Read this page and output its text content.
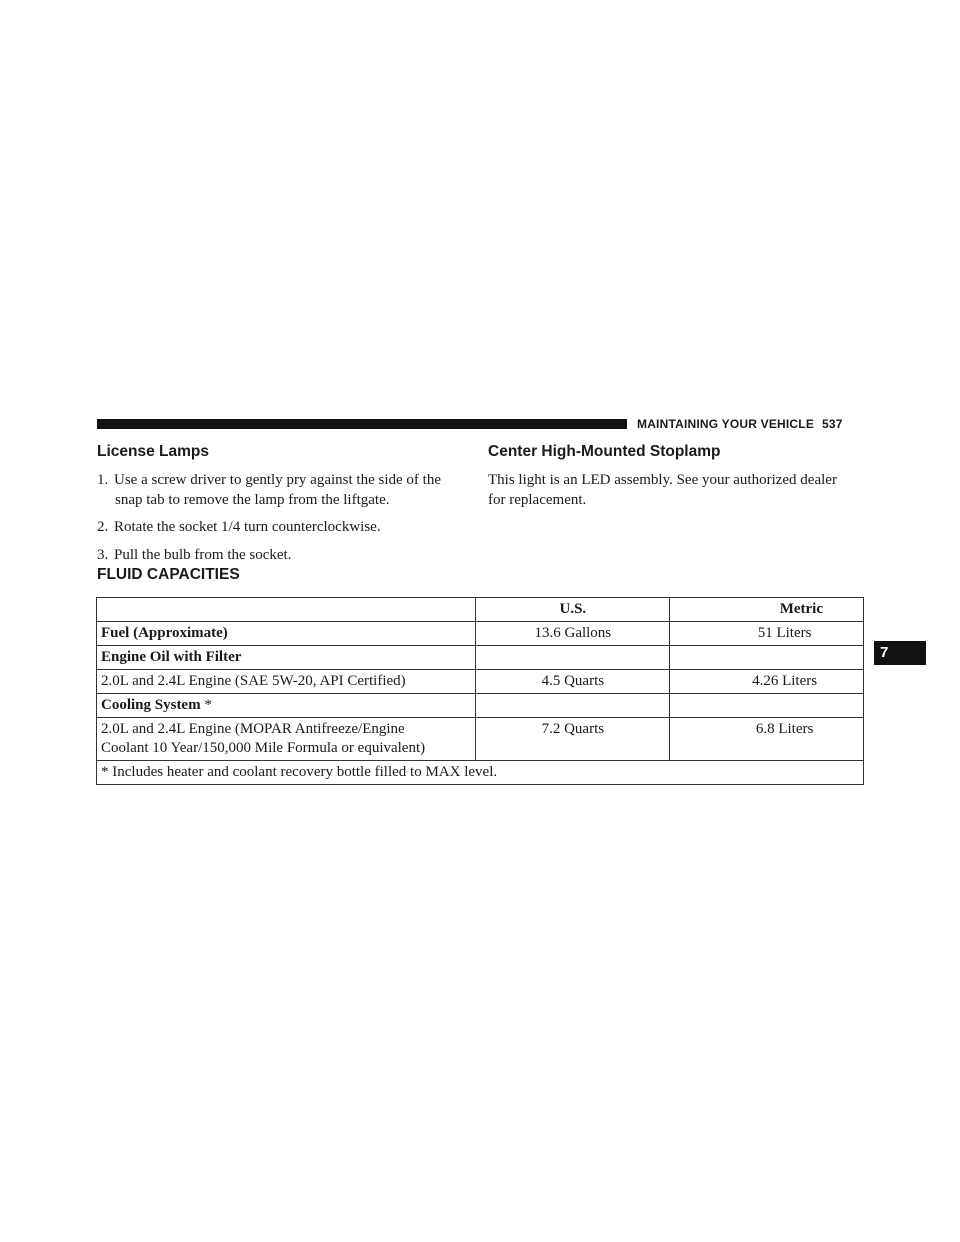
MAINTAINING YOUR VEHICLE 537
License Lamps
1. Use a screw driver to gently pry against the side of the
snap tab to remove the lamp from the liftgate.
2. Rotate the socket 1/4 turn counterclockwise.
3. Pull the bulb from the socket.
Center High-Mounted Stoplamp
This light is an LED assembly. See your authorized dealer
for replacement.
FLUID CAPACITIES
	U.S.	Metric
Fuel (Approximate)	13.6 Gallons	51 Liters
Engine Oil with Filter		
2.0L and 2.4L Engine (SAE 5W-20, API Certified)	4.5 Quarts	4.26 Liters
Cooling System *		
2.0L and 2.4L Engine (MOPAR Antifreeze/Engine
Coolant 10 Year/150,000 Mile Formula or equivalent)	7.2 Quarts	6.8 Liters
* Includes heater and coolant recovery bottle filled to MAX level.		
7
